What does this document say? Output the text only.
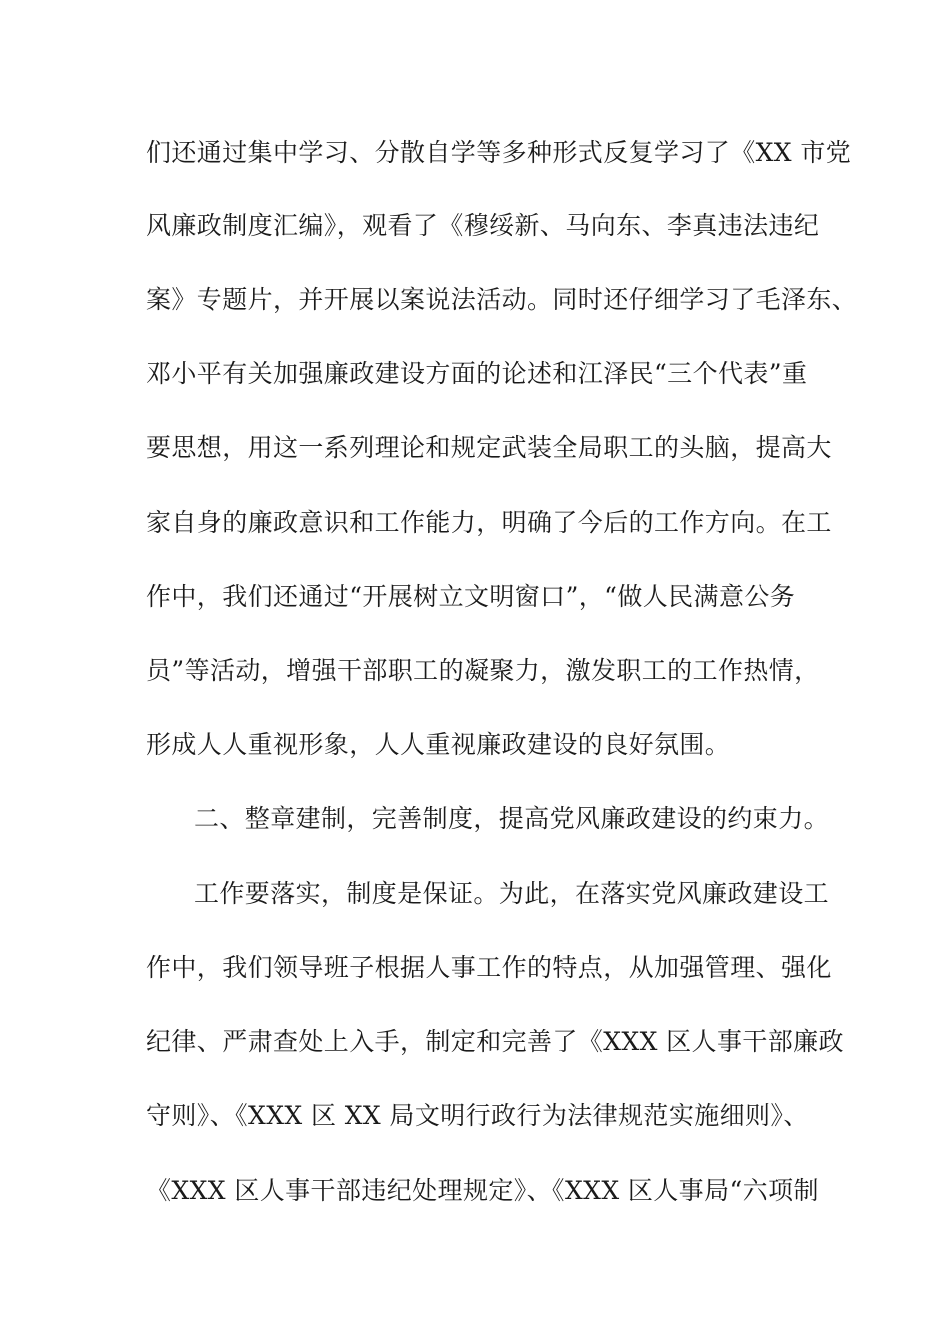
们还通过集中学习、分散自学等多种形式反复学习了《XX 市党
风廉政制度汇编》，观看了《穆绥新、马向东、李真违法违纪
案》专题片，并开展以案说法活动。同时还仔细学习了毛泽东、
邓小平有关加强廉政建设方面的论述和江泽民“三个代表”重
要思想，用这一系列理论和规定武装全局职工的头脑，提高大
家自身的廉政意识和工作能力，明确了今后的工作方向。在工
作中，我们还通过“开展树立文明窗口”，“做人民满意公务
员”等活动，增强干部职工的凝聚力，激发职工的工作热情，
形成人人重视形象，人人重视廉政建设的良好氛围。
二、整章建制，完善制度，提高党风廉政建设的约束力。
工作要落实，制度是保证。为此，在落实党风廉政建设工
作中，我们领导班子根据人事工作的特点，从加强管理、强化
纪律、严肃查处上入手，制定和完善了《XXX 区人事干部廉政
守则》、《XXX 区 XX 局文明行政行为法律规范实施细则》、
《XXX 区人事干部违纪处理规定》、《XXX 区人事局“六项制
